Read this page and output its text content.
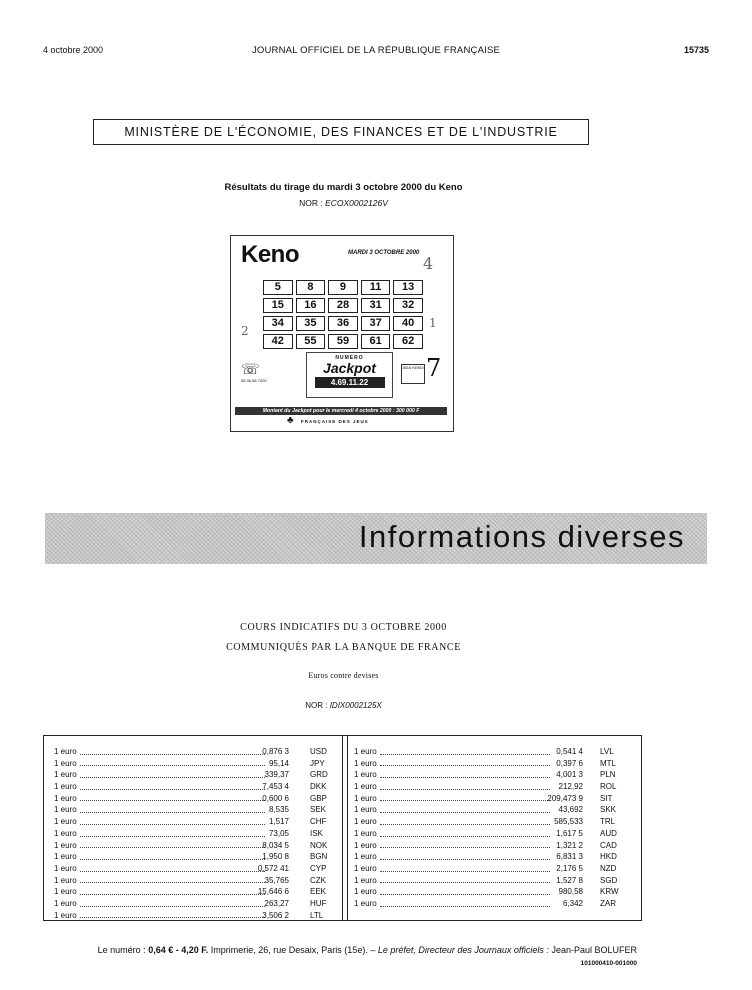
4 octobre 2000	JOURNAL OFFICIEL DE LA RÉPUBLIQUE FRANÇAISE	15735
MINISTÈRE DE L'ÉCONOMIE, DES FINANCES ET DE L'INDUSTRIE
Résultats du tirage du mardi 3 octobre 2000 du Keno
NOR : ECOX0002126V
Keno	MARDI 3 OCTOBRE 2000
4
2
1
5	8	9	11	13
15	16	28	31	32
34	35	36	37	40
42	55	59	61	62
☏
08 36 68 7000
NUMERO
Jackpot
4.69.11.22
3615 KENO 7
Montant du Jackpot pour le mercredi 4 octobre 2000 : 300 000 F
♣ FRANÇAISE DES JEUX
Informations diverses
COURS INDICATIFS DU 3 OCTOBRE 2000
COMMUNIQUÉS PAR LA BANQUE DE FRANCE
Euros contre devises
NOR : IDIX0002125X
1 euro	0,876 3	USD
1 euro	95,14	JPY
1 euro	339,37	GRD
1 euro	7,453 4	DKK
1 euro	0,600 6	GBP
1 euro	8,535	SEK
1 euro	1,517	CHF
1 euro	73,05	ISK
1 euro	8,034 5	NOK
1 euro	1,950 8	BGN
1 euro	0,572 41	CYP
1 euro	35,765	CZK
1 euro	15,646 6	EEK
1 euro	263,27	HUF
1 euro	3,506 2	LTL
1 euro	0,541 4 LVL
1 euro	0,397 6 MTL
1 euro	4,001 3 PLN
1 euro	212,92 ROL
1 euro	209,473 9 SIT
1 euro	43,692 SKK
1 euro	585,533 TRL
1 euro	1,617 5 AUD
1 euro	1,321 2 CAD
1 euro	6,831 3 HKD
1 euro	2,176 5 NZD
1 euro	1,527 8 SGD
1 euro	980,58 KRW
1 euro	6,342 ZAR
Le numéro : 0,64 € - 4,20 F. Imprimerie, 26, rue Desaix, Paris (15e). – Le préfet, Directeur des Journaux officiels : Jean-Paul BOLUFER
101000410-001000
